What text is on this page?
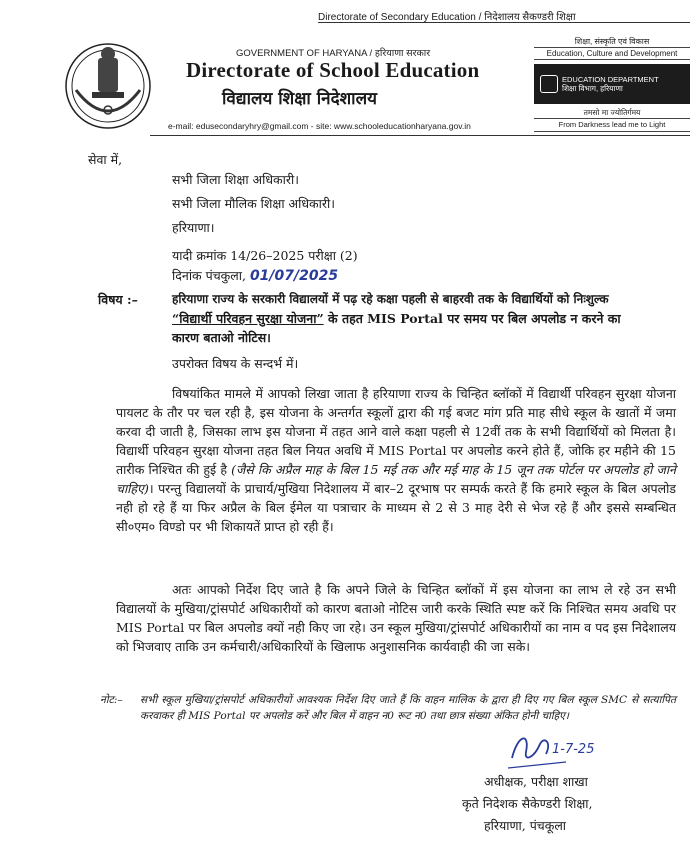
Directorate of Secondary Education / निदेशालय सैकण्डरी शिक्षा
GOVERNMENT OF HARYANA / हरियाणा सरकार
Directorate of School Education
विद्यालय शिक्षा निदेशालय
शिक्षा, संस्कृति एवं विकास
Education, Culture and Development
EDUCATION DEPARTMENT
शिक्षा विभाग, हरियाणा
तमसो मा ज्योतिर्गमय
From Darkness lead me to Light
e-mail: edusecondaryhry@gmail.com - site: www.schooleducationharyana.gov.in
सेवा में,
सभी जिला शिक्षा अधिकारी।
सभी जिला मौलिक शिक्षा अधिकारी।
हरियाणा।
यादी क्रमांक 14/26–2025 परीक्षा (2)
दिनांक पंचकुला, 01/07/2025
विषय :–	हरियाणा राज्य के सरकारी विद्यालयों में पढ़ रहे कक्षा पहली से बाहरवी तक के विद्यार्थियों को निःशुल्क
“विद्यार्थी परिवहन सुरक्षा योजना” के तहत MIS Portal पर समय पर बिल अपलोड न करने का
कारण बताओ नोटिस।
उपरोक्त विषय के सन्दर्भ में।
विषयांकित मामले में आपको लिखा जाता है हरियाणा राज्य के चिन्हित ब्लॉकों में विद्यार्थी परिवहन सुरक्षा योजना पायलट के तौर पर चल रही है, इस योजना के अन्तर्गत स्कूलों द्वारा की गई बजट मांग प्रति माह सीधे स्कूल के खातों में जमा करवा दी जाती है, जिसका लाभ इस योजना में तहत आने वाले कक्षा पहली से 12वीं तक के सभी विद्यार्थियों को मिलता है। विद्यार्थी परिवहन सुरक्षा योजना तहत बिल नियत अवधि में MIS Portal पर अपलोड करने होते हैं, जोकि हर महीने की 15 तारीक निश्चित की हुई है (जैसे कि अप्रैल माह के बिल 15 मई तक और मई माह के 15 जून तक पोर्टल पर अपलोड हो जाने चाहिए)। परन्तु विद्यालयों के प्राचार्य/मुखिया निदेशालय में बार–2 दूरभाष पर सम्पर्क करते हैं कि हमारे स्कूल के बिल अपलोड नही हो रहे हैं या फिर अप्रैल के बिल ईमेल या पत्राचार के माध्यम से 2 से 3 माह देरी से भेज रहे हैं और इससे सम्बन्धित सी०एम० विण्डो पर भी शिकायतें प्राप्त हो रही हैं।
अतः आपको निर्देश दिए जाते है कि अपने जिले के चिन्हित ब्लॉकों में इस योजना का लाभ ले रहे उन सभी विद्यालयों के मुखिया/ट्रांसपोर्ट अधिकारीयों को कारण बताओ नोटिस जारी करके स्थिति स्पष्ट करें कि निश्चित समय अवधि पर MIS Portal पर बिल अपलोड क्यों नही किए जा रहे। उन स्कूल मुखिया/ट्रांसपोर्ट अधिकारीयों का नाम व पद इस निदेशालय को भिजवाए ताकि उन कर्मचारी/अधिकारियों के खिलाफ अनुशासनिक कार्यवाही की जा सके।
नोट:– सभी स्कूल मुखिया/ट्रांसपोर्ट अधिकारीयों आवश्यक निर्देश दिए जाते हैं कि वाहन मालिक के द्वारा ही दिए गए बिल स्कूल SMC से सत्यापित करवाकर ही MIS Portal पर अपलोड करें और बिल में वाहन न0 रूट न0 तथा छात्र संख्या अंकित होनी चाहिए।
1-7-25
अधीक्षक, परीक्षा शाखा
कृते निदेशक सैकेण्डरी शिक्षा,
हरियाणा, पंचकूला
